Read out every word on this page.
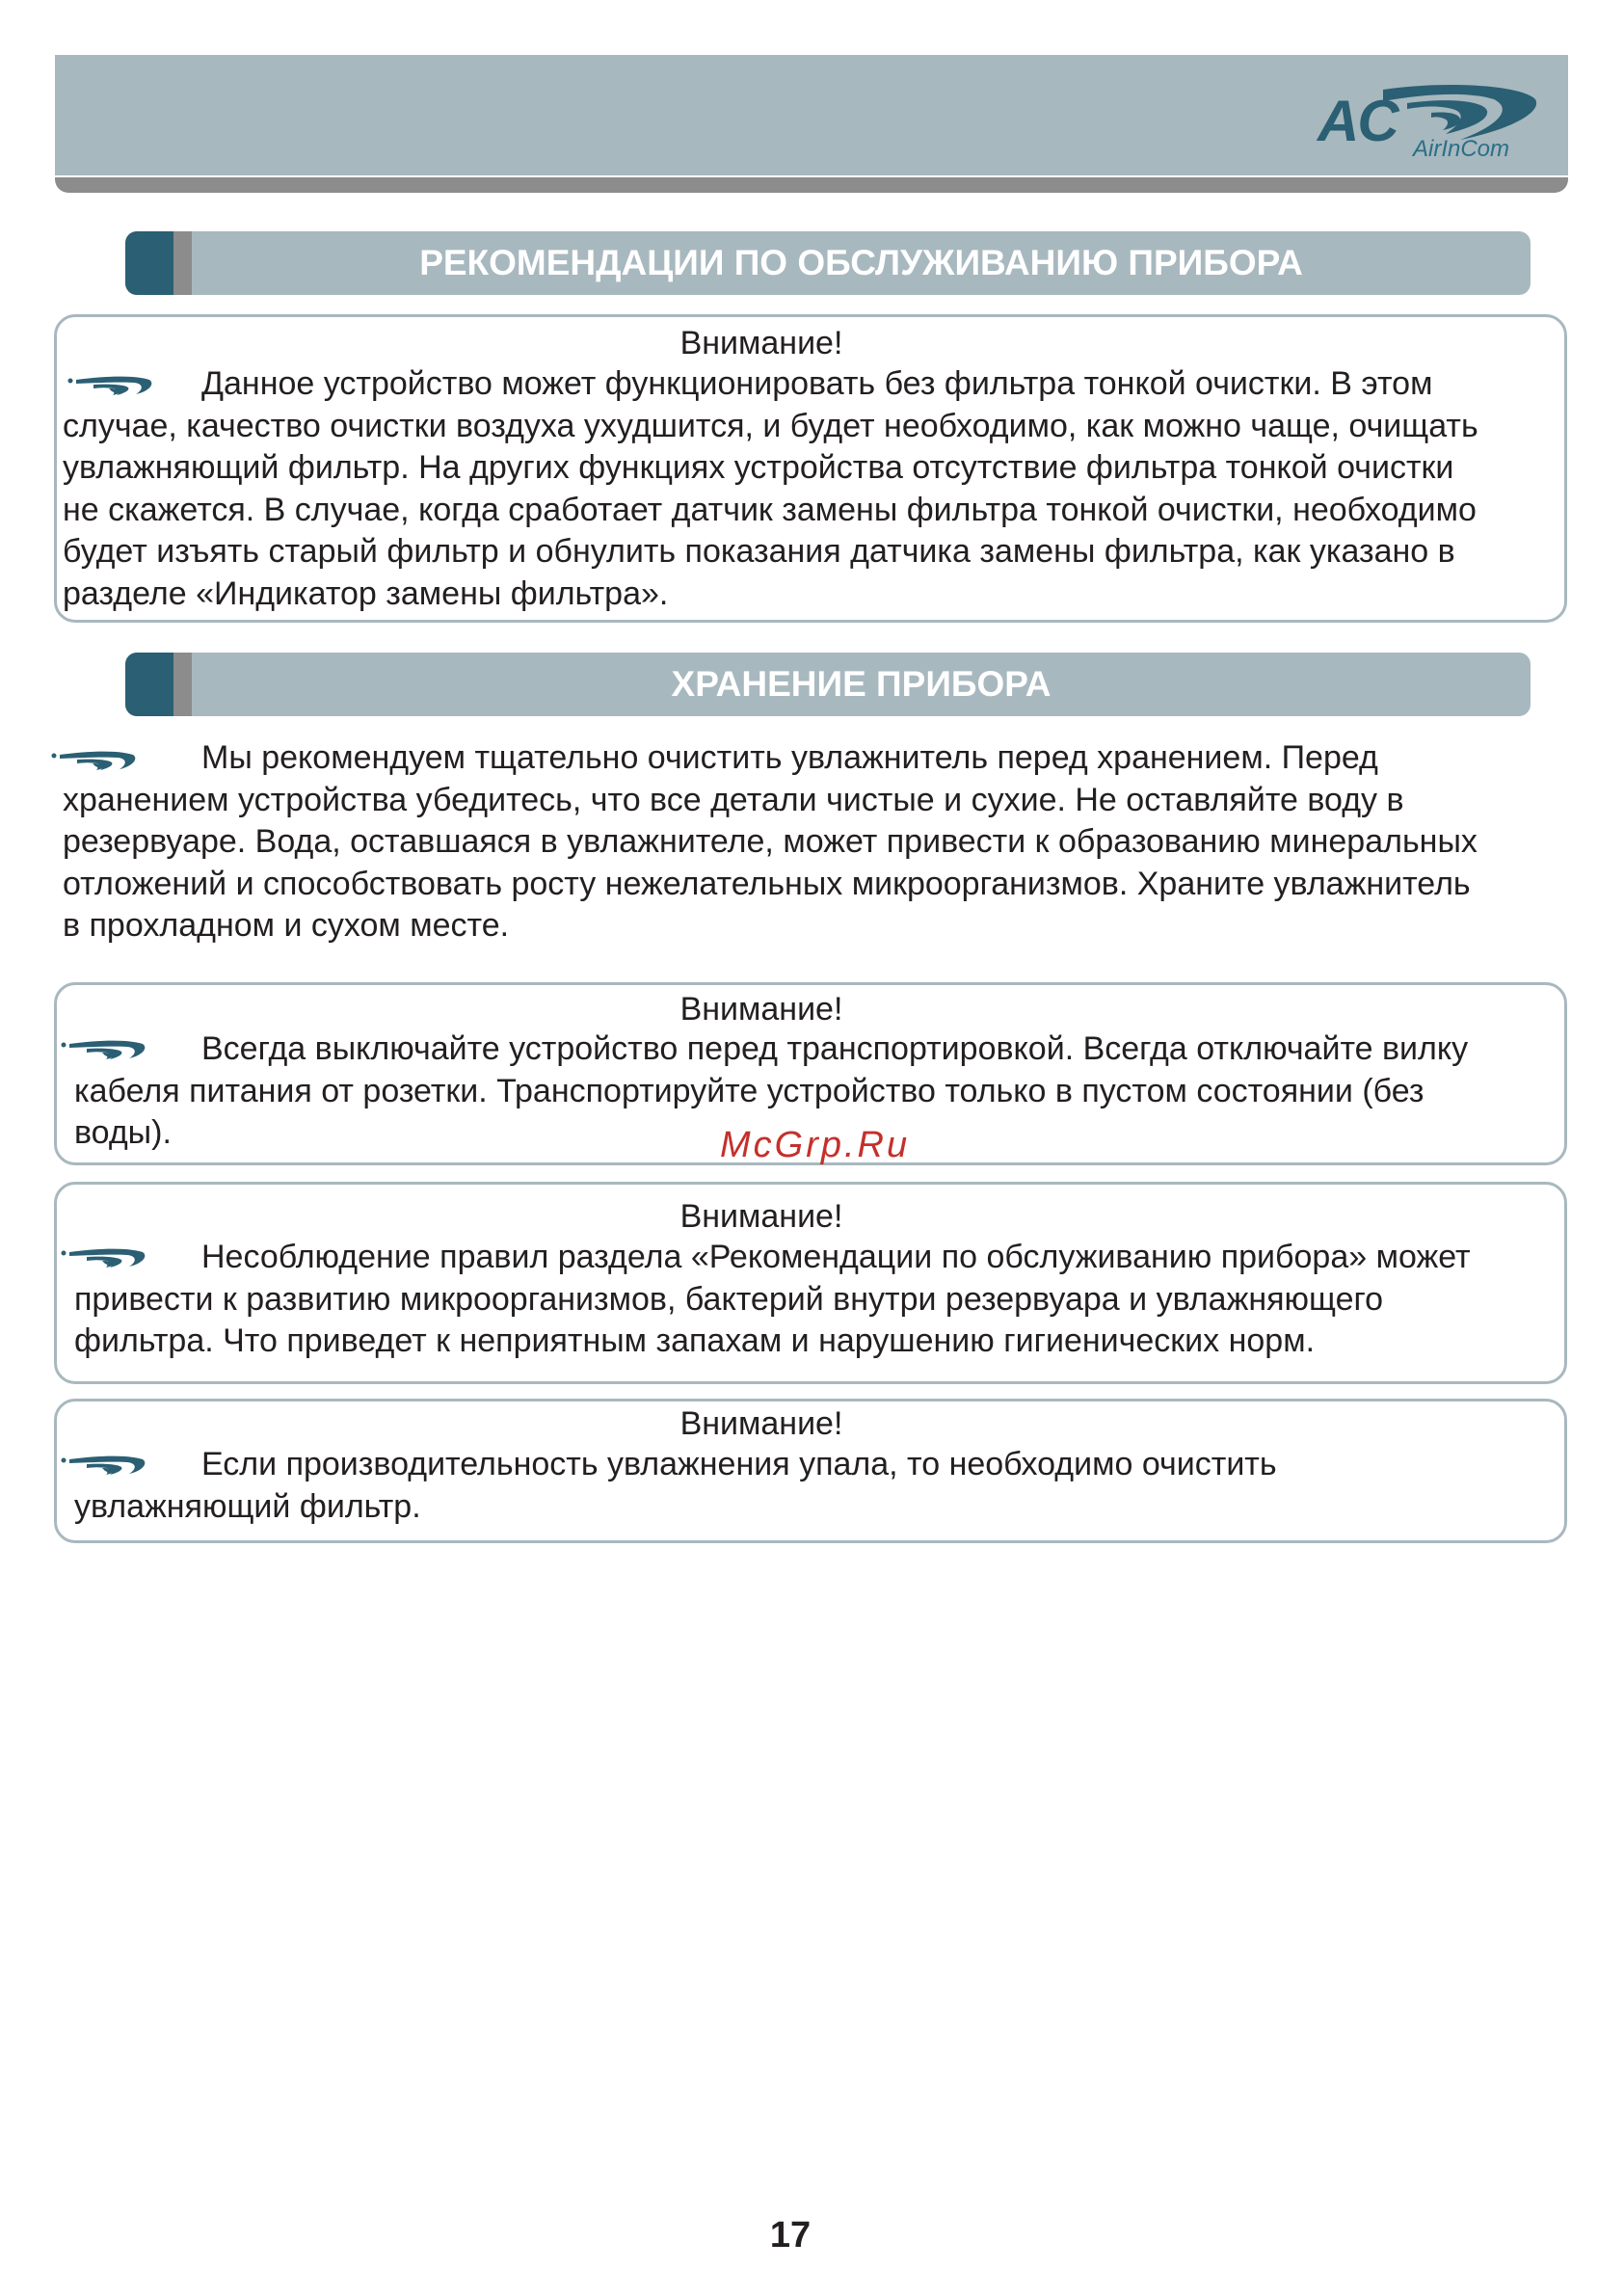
AC AirInCom
РЕКОМЕНДАЦИИ ПО ОБСЛУЖИВАНИЮ ПРИБОРА
Внимание!
Данное устройство может функционировать без фильтра тонкой очистки. В этом
случае, качество очистки воздуха ухудшится, и будет необходимо, как можно чаще, очищать
увлажняющий фильтр. На других функциях устройства отсутствие фильтра тонкой очистки
не скажется. В случае, когда сработает датчик замены фильтра тонкой очистки, необходимо
будет изъять старый фильтр и обнулить показания датчика замены фильтра, как указано в
разделе «Индикатор замены фильтра».
ХРАНЕНИЕ ПРИБОРА
Мы рекомендуем тщательно очистить увлажнитель перед хранением. Перед
хранением устройства убедитесь, что все детали чистые и сухие. Не оставляйте воду в
резервуаре. Вода, оставшаяся в увлажнителе, может привести к образованию минеральных
отложений и способствовать росту нежелательных микроорганизмов. Храните увлажнитель
в прохладном и сухом месте.
Внимание!
Всегда выключайте устройство перед транспортировкой. Всегда отключайте вилку
кабеля питания от розетки. Транспортируйте устройство только в пустом состоянии (без
воды).	McGrp.Ru
Внимание!
Несоблюдение правил раздела «Рекомендации по обслуживанию прибора» может
привести к развитию микроорганизмов, бактерий внутри резервуара и увлажняющего
фильтра. Что приведет к неприятным запахам и нарушению гигиенических норм.
Внимание!
Если производительность увлажнения упала, то необходимо очистить
увлажняющий фильтр.
17
